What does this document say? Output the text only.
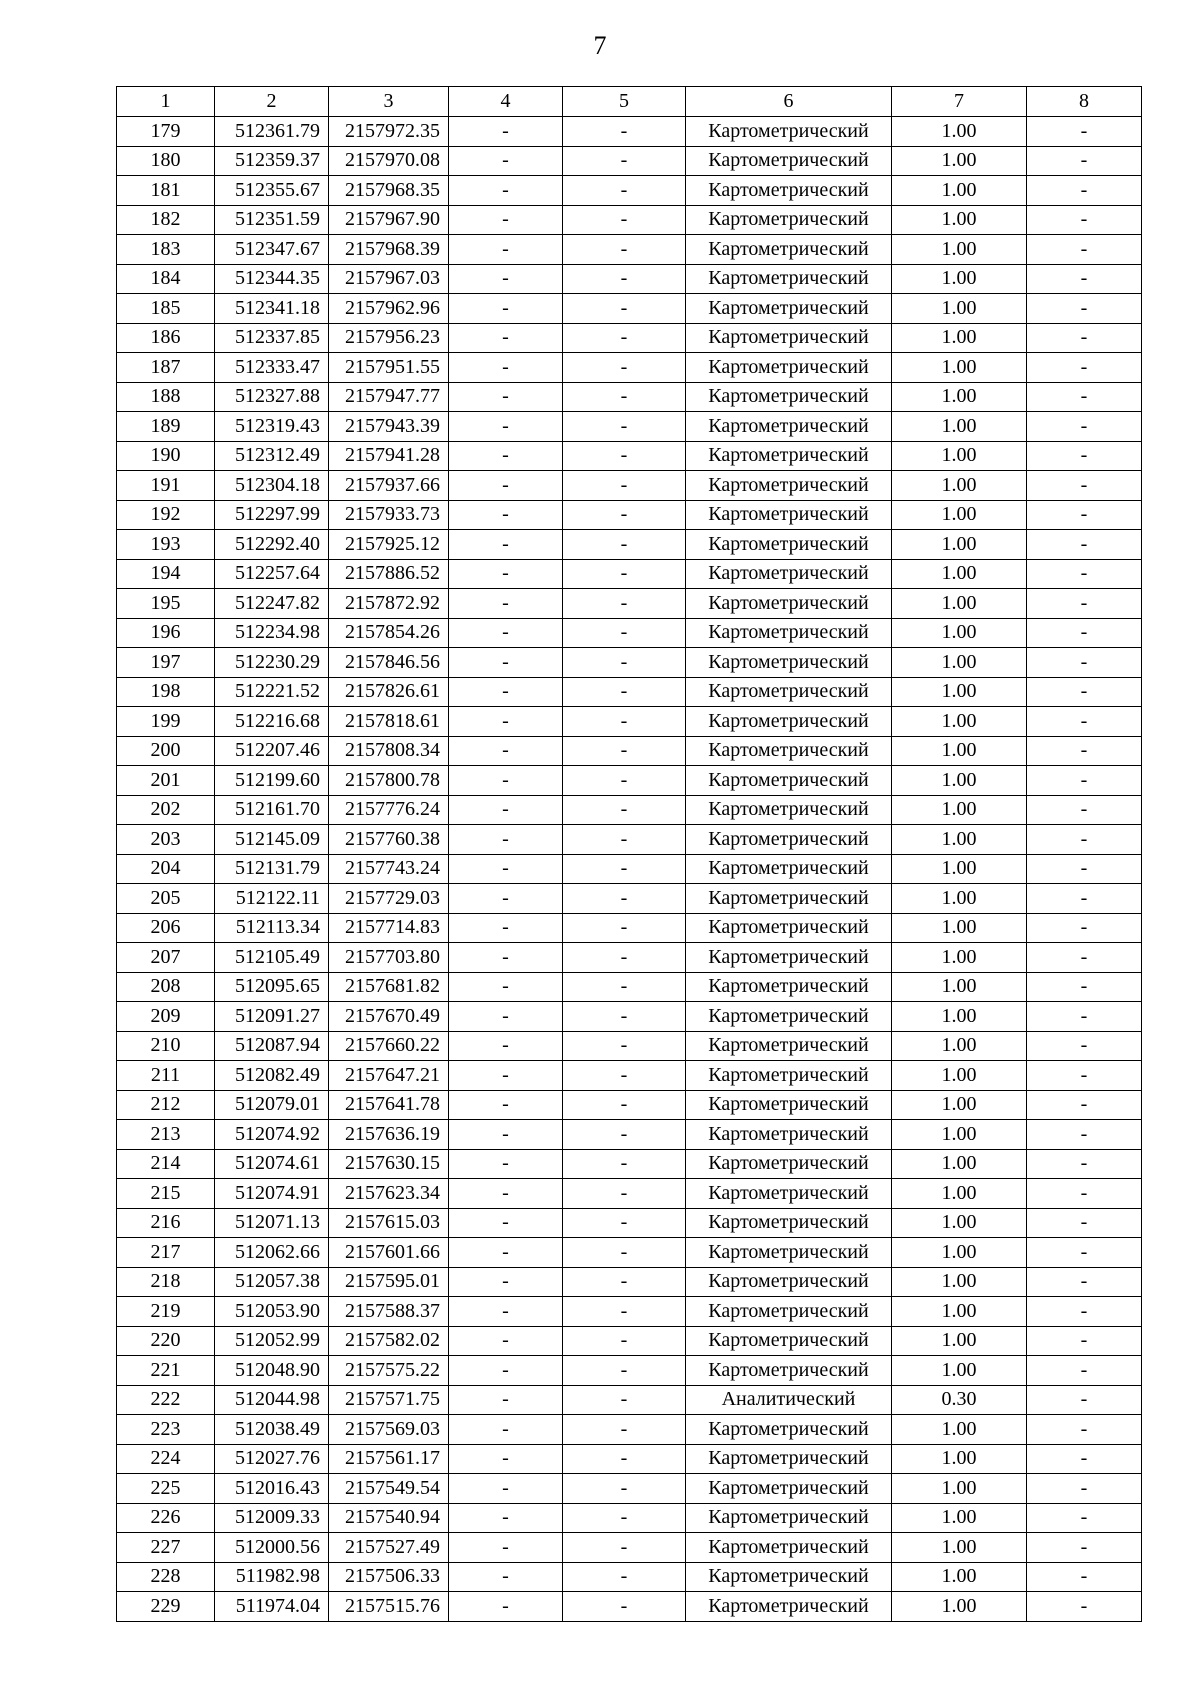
7
1	2	3	4	5	6	7	8
179	512361.79	2157972.35	-	-	Картометрический	1.00	-
180	512359.37	2157970.08	-	-	Картометрический	1.00	-
181	512355.67	2157968.35	-	-	Картометрический	1.00	-
182	512351.59	2157967.90	-	-	Картометрический	1.00	-
183	512347.67	2157968.39	-	-	Картометрический	1.00	-
184	512344.35	2157967.03	-	-	Картометрический	1.00	-
185	512341.18	2157962.96	-	-	Картометрический	1.00	-
186	512337.85	2157956.23	-	-	Картометрический	1.00	-
187	512333.47	2157951.55	-	-	Картометрический	1.00	-
188	512327.88	2157947.77	-	-	Картометрический	1.00	-
189	512319.43	2157943.39	-	-	Картометрический	1.00	-
190	512312.49	2157941.28	-	-	Картометрический	1.00	-
191	512304.18	2157937.66	-	-	Картометрический	1.00	-
192	512297.99	2157933.73	-	-	Картометрический	1.00	-
193	512292.40	2157925.12	-	-	Картометрический	1.00	-
194	512257.64	2157886.52	-	-	Картометрический	1.00	-
195	512247.82	2157872.92	-	-	Картометрический	1.00	-
196	512234.98	2157854.26	-	-	Картометрический	1.00	-
197	512230.29	2157846.56	-	-	Картометрический	1.00	-
198	512221.52	2157826.61	-	-	Картометрический	1.00	-
199	512216.68	2157818.61	-	-	Картометрический	1.00	-
200	512207.46	2157808.34	-	-	Картометрический	1.00	-
201	512199.60	2157800.78	-	-	Картометрический	1.00	-
202	512161.70	2157776.24	-	-	Картометрический	1.00	-
203	512145.09	2157760.38	-	-	Картометрический	1.00	-
204	512131.79	2157743.24	-	-	Картометрический	1.00	-
205	512122.11	2157729.03	-	-	Картометрический	1.00	-
206	512113.34	2157714.83	-	-	Картометрический	1.00	-
207	512105.49	2157703.80	-	-	Картометрический	1.00	-
208	512095.65	2157681.82	-	-	Картометрический	1.00	-
209	512091.27	2157670.49	-	-	Картометрический	1.00	-
210	512087.94	2157660.22	-	-	Картометрический	1.00	-
211	512082.49	2157647.21	-	-	Картометрический	1.00	-
212	512079.01	2157641.78	-	-	Картометрический	1.00	-
213	512074.92	2157636.19	-	-	Картометрический	1.00	-
214	512074.61	2157630.15	-	-	Картометрический	1.00	-
215	512074.91	2157623.34	-	-	Картометрический	1.00	-
216	512071.13	2157615.03	-	-	Картометрический	1.00	-
217	512062.66	2157601.66	-	-	Картометрический	1.00	-
218	512057.38	2157595.01	-	-	Картометрический	1.00	-
219	512053.90	2157588.37	-	-	Картометрический	1.00	-
220	512052.99	2157582.02	-	-	Картометрический	1.00	-
221	512048.90	2157575.22	-	-	Картометрический	1.00	-
222	512044.98	2157571.75	-	-	Аналитический	0.30	-
223	512038.49	2157569.03	-	-	Картометрический	1.00	-
224	512027.76	2157561.17	-	-	Картометрический	1.00	-
225	512016.43	2157549.54	-	-	Картометрический	1.00	-
226	512009.33	2157540.94	-	-	Картометрический	1.00	-
227	512000.56	2157527.49	-	-	Картометрический	1.00	-
228	511982.98	2157506.33	-	-	Картометрический	1.00	-
229	511974.04	2157515.76	-	-	Картометрический	1.00	-
